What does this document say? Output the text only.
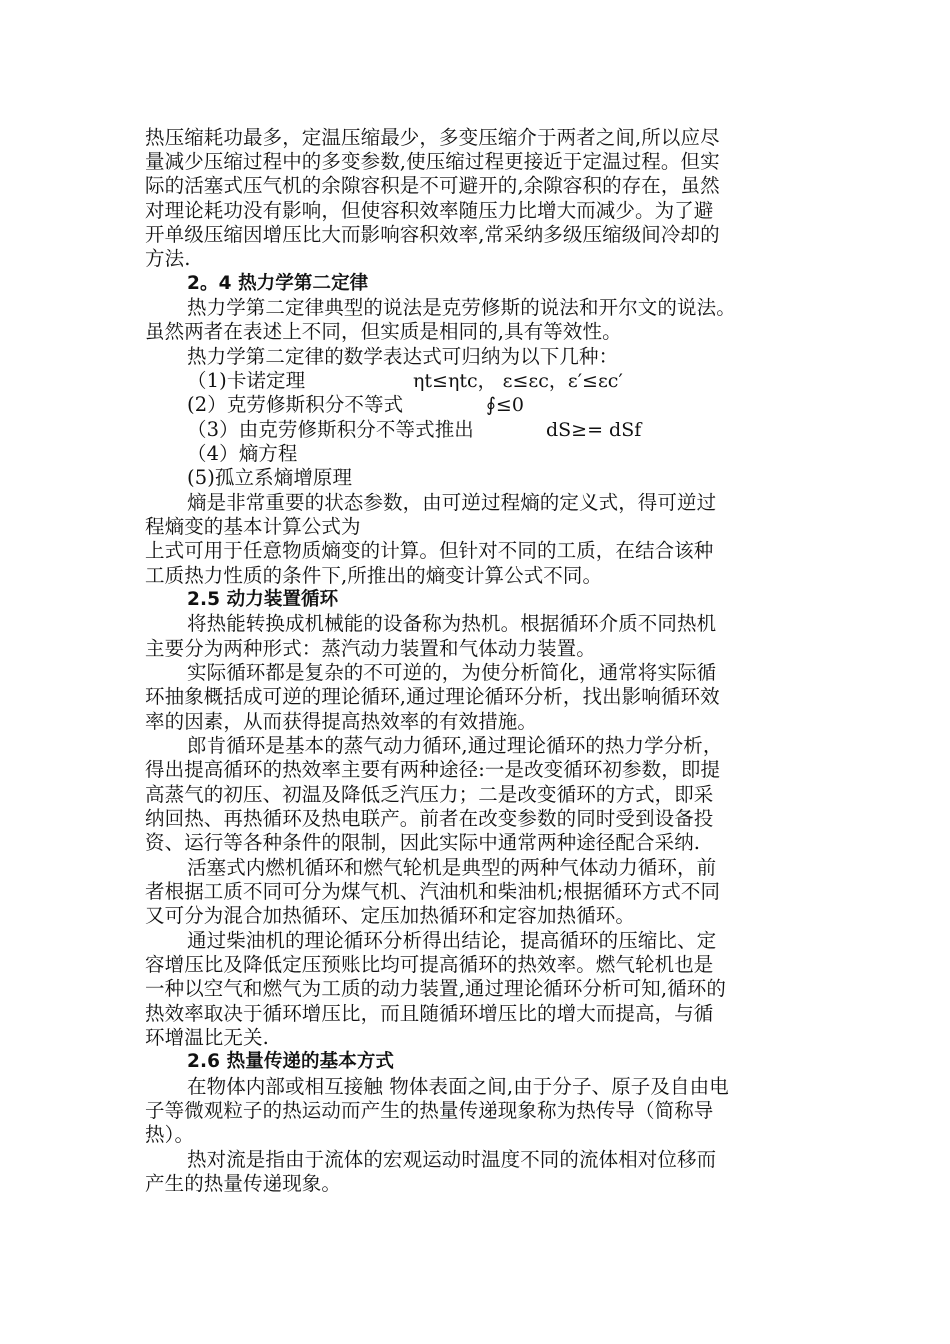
热压缩耗功最多，定温压缩最少，多变压缩介于两者之间,所以应尽
量减少压缩过程中的多变参数,使压缩过程更接近于定温过程。但实
际的活塞式压气机的余隙容积是不可避开的,余隙容积的存在，虽然
对理论耗功没有影响，但使容积效率随压力比增大而减少。为了避
开单级压缩因增压比大而影响容积效率,常采纳多级压缩级间冷却的
方法.
2。4 热力学第二定律
热力学第二定律典型的说法是克劳修斯的说法和开尔文的说法。
虽然两者在表述上不同，但实质是相同的,具有等效性。
热力学第二定律的数学表达式可归纳为以下几种：
（1)卡诺定理	ηt≤ηtc， ε≤εc，ε′≤εc′
(2）克劳修斯积分不等式	∮≤0
（3）由克劳修斯积分不等式推出	dS≥= dSf
（4）熵方程
(5)孤立系熵增原理
熵是非常重要的状态参数，由可逆过程熵的定义式，得可逆过
程熵变的基本计算公式为
上式可用于任意物质熵变的计算。但针对不同的工质，在结合该种
工质热力性质的条件下,所推出的熵变计算公式不同。
2.5 动力装置循环
将热能转换成机械能的设备称为热机。根据循环介质不同热机
主要分为两种形式：蒸汽动力装置和气体动力装置。
实际循环都是复杂的不可逆的，为使分析简化，通常将实际循
环抽象概括成可逆的理论循环,通过理论循环分析，找出影响循环效
率的因素，从而获得提高热效率的有效措施。
郎肯循环是基本的蒸气动力循环,通过理论循环的热力学分析，
得出提高循环的热效率主要有两种途径:一是改变循环初参数，即提
高蒸气的初压、初温及降低乏汽压力；二是改变循环的方式，即采
纳回热、再热循环及热电联产。前者在改变参数的同时受到设备投
资、运行等各种条件的限制，因此实际中通常两种途径配合采纳.
活塞式内燃机循环和燃气轮机是典型的两种气体动力循环，前
者根据工质不同可分为煤气机、汽油机和柴油机;根据循环方式不同
又可分为混合加热循环、定压加热循环和定容加热循环。
通过柴油机的理论循环分析得出结论，提高循环的压缩比、定
容增压比及降低定压预账比均可提高循环的热效率。燃气轮机也是
一种以空气和燃气为工质的动力装置,通过理论循环分析可知,循环的
热效率取决于循环增压比，而且随循环增压比的增大而提高，与循
环增温比无关.
2.6 热量传递的基本方式
在物体内部或相互接触 物体表面之间,由于分子、原子及自由电
子等微观粒子的热运动而产生的热量传递现象称为热传导（简称导
热）。
热对流是指由于流体的宏观运动时温度不同的流体相对位移而
产生的热量传递现象。
